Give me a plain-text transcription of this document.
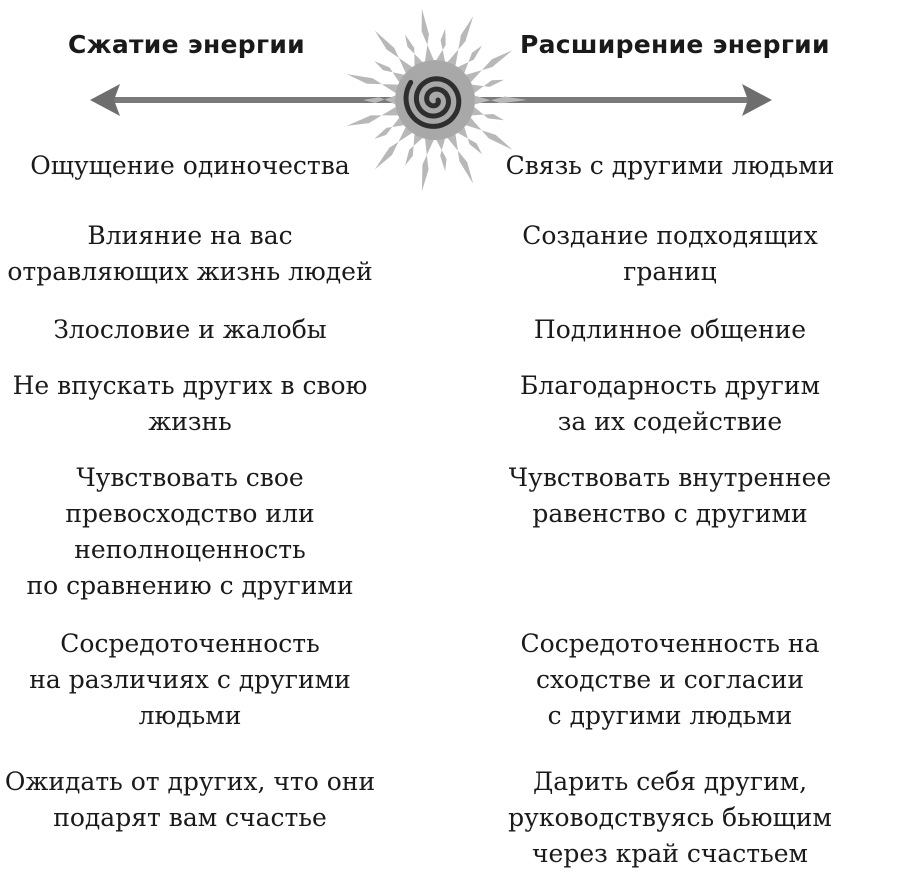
Сжатие энергии	Расширение энергии
Ощущение одиночества
Влияние на вас
отравляющих жизнь людей
Злословие и жалобы
Не впускать других в свою
жизнь
Чувствовать свое
превосходство или
неполноценность
по сравнению с другими
Сосредоточенность
на различиях с другими
людьми
Ожидать от других, что они
подарят вам счастье
Связь с другими людьми
Создание подходящих
границ
Подлинное общение
Благодарность другим
за их содействие
Чувствовать внутреннее
равенство с другими
Сосредоточенность на
сходстве и согласии
с другими людьми
Дарить себя другим,
руководствуясь бьющим
через край счастьем
